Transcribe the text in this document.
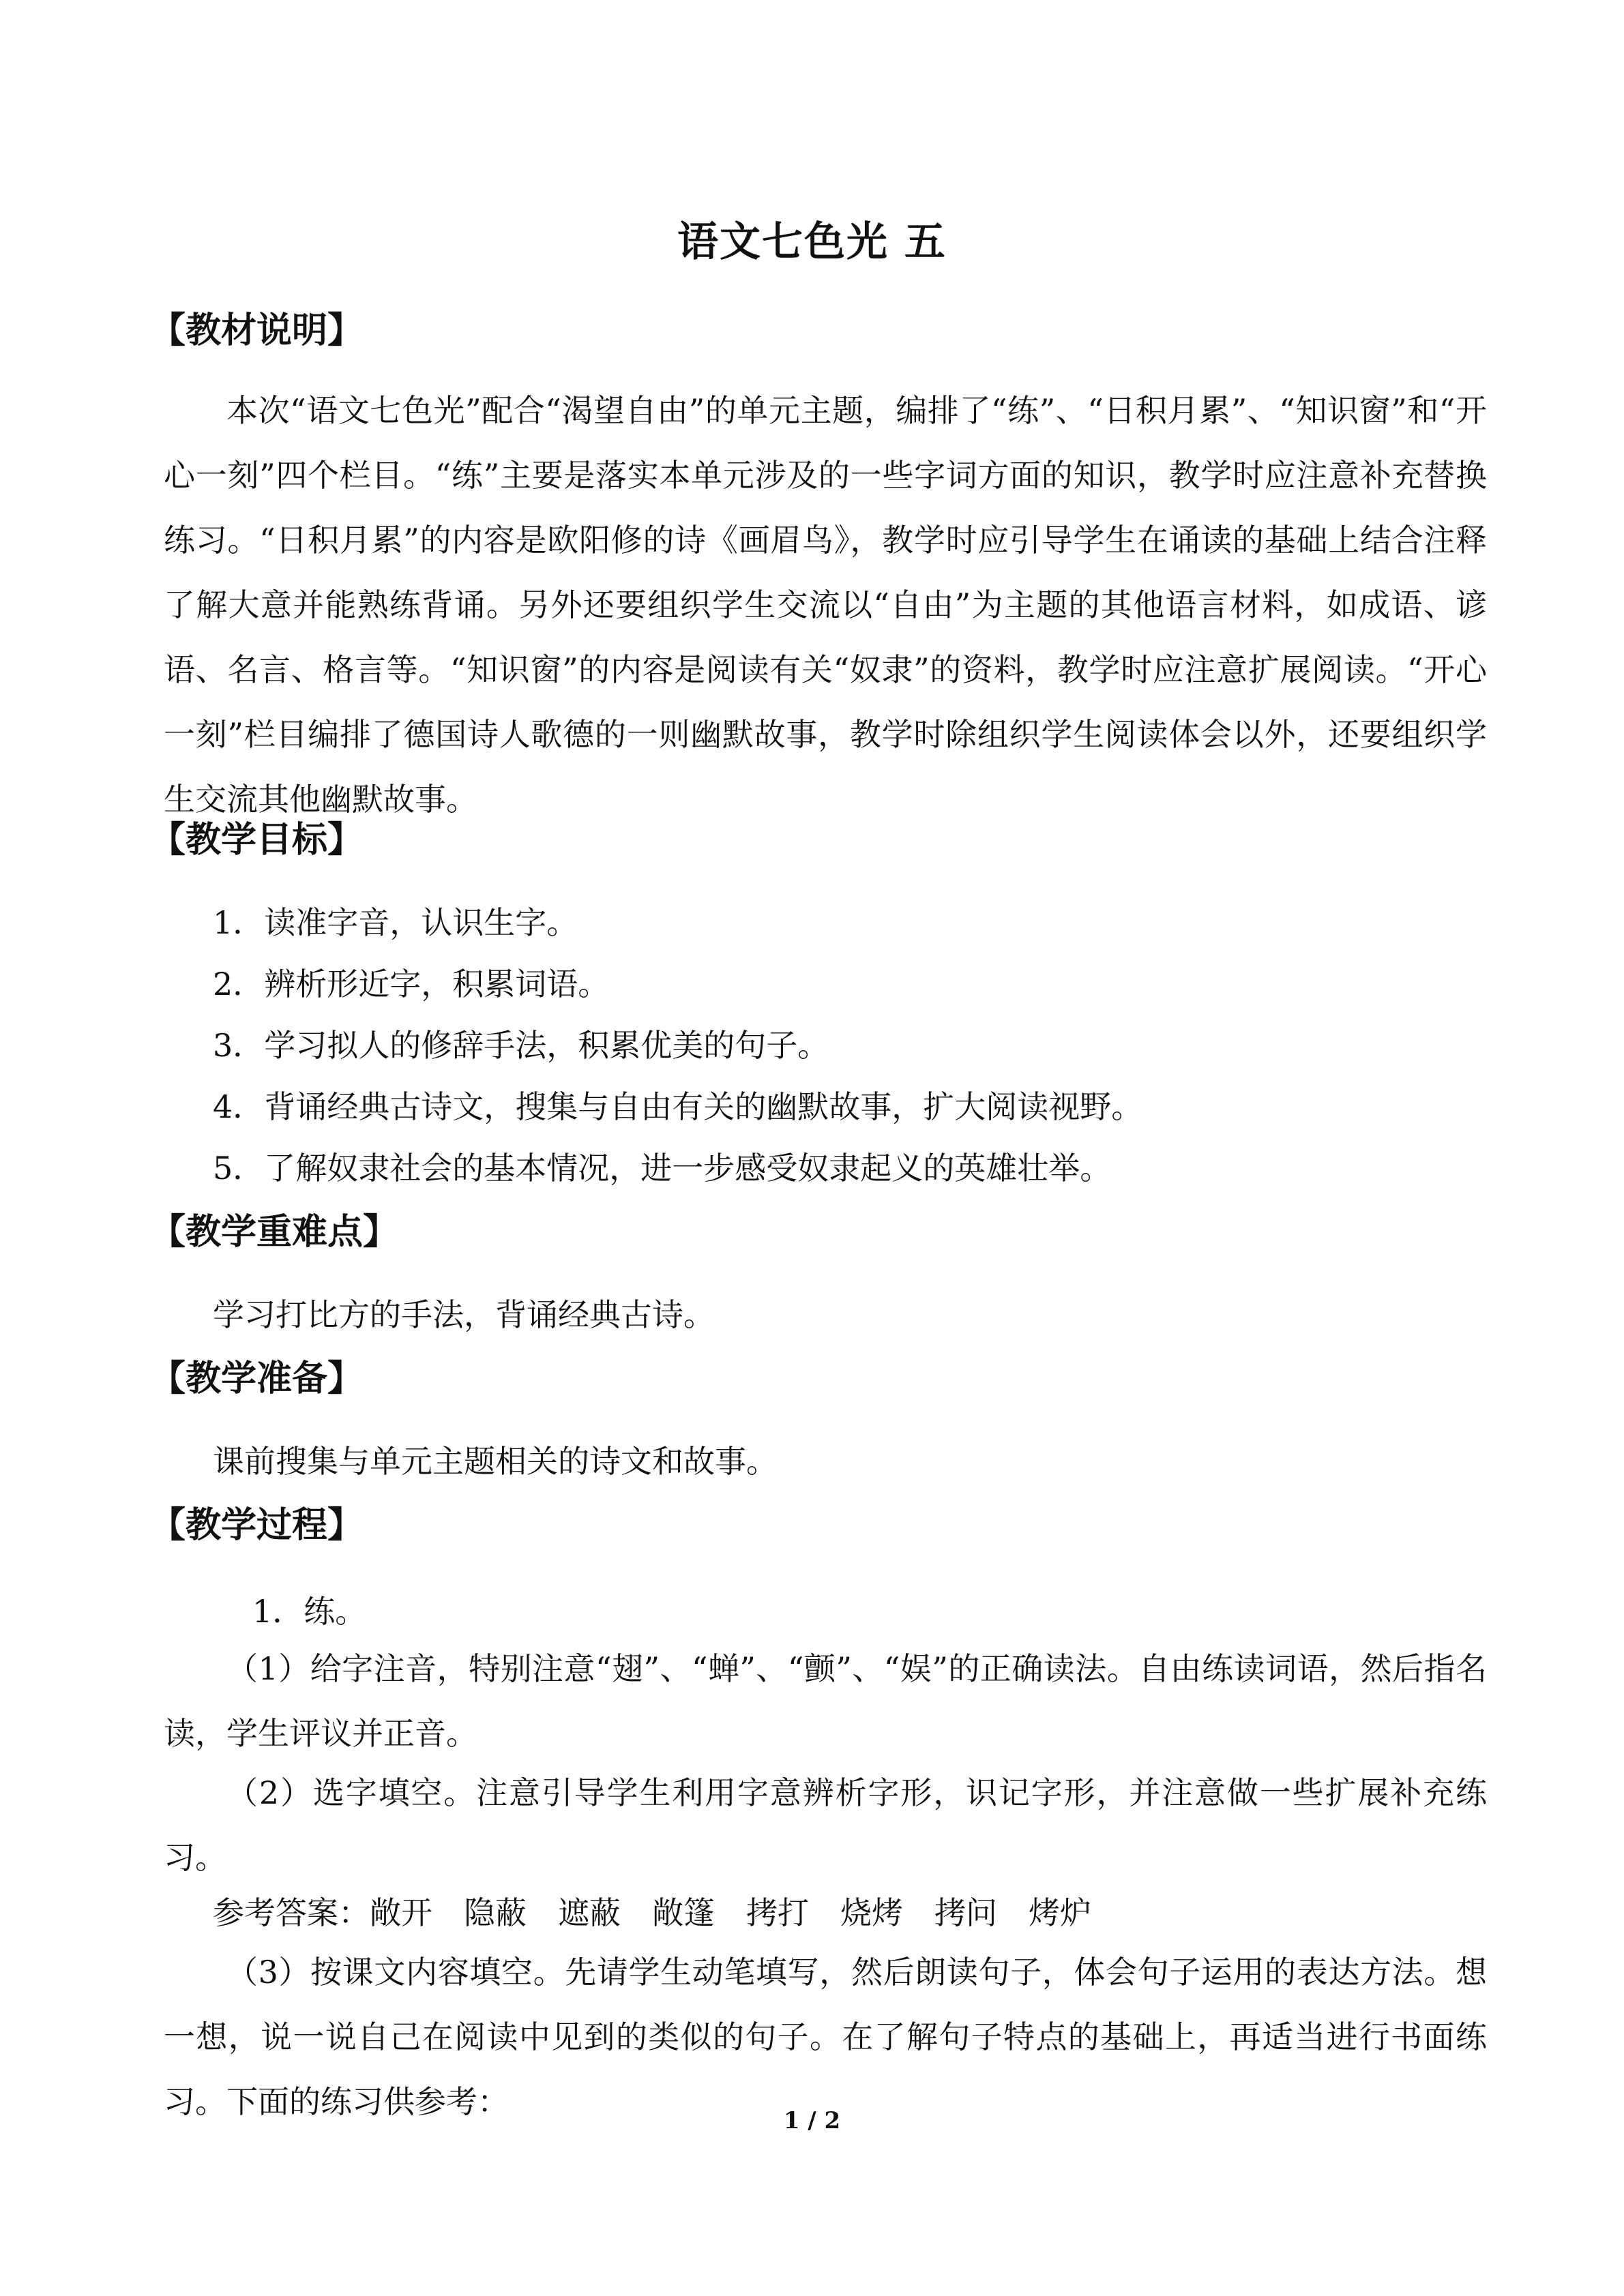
语文七色光 五
【教材说明】
本次“语文七色光”配合“渴望自由”的单元主题，编排了“练”、“日积月累”、“知识窗”和“开心一刻”四个栏目。“练”主要是落实本单元涉及的一些字词方面的知识，教学时应注意补充替换练习。“日积月累”的内容是欧阳修的诗《画眉鸟》，教学时应引导学生在诵读的基础上结合注释了解大意并能熟练背诵。另外还要组织学生交流以“自由”为主题的其他语言材料，如成语、谚语、名言、格言等。“知识窗”的内容是阅读有关“奴隶”的资料，教学时应注意扩展阅读。“开心一刻”栏目编排了德国诗人歌德的一则幽默故事，教学时除组织学生阅读体会以外，还要组织学生交流其他幽默故事。
【教学目标】
1．读准字音，认识生字。
2．辨析形近字，积累词语。
3．学习拟人的修辞手法，积累优美的句子。
4．背诵经典古诗文，搜集与自由有关的幽默故事，扩大阅读视野。
5．了解奴隶社会的基本情况，进一步感受奴隶起义的英雄壮举。
【教学重难点】
学习打比方的手法，背诵经典古诗。
【教学准备】
课前搜集与单元主题相关的诗文和故事。
【教学过程】
1．练。
（1）给字注音，特别注意“翅”、“蝉”、“颤”、“娱”的正确读法。自由练读词语，然后指名读，学生评议并正音。
（2）选字填空。注意引导学生利用字意辨析字形，识记字形，并注意做一些扩展补充练习。
参考答案：敞开 隐蔽 遮蔽 敞篷 拷打 烧烤 拷问 烤炉
（3）按课文内容填空。先请学生动笔填写，然后朗读句子，体会句子运用的表达方法。想一想，说一说自己在阅读中见到的类似的句子。在了解句子特点的基础上，再适当进行书面练习。下面的练习供参考：
1 / 2
